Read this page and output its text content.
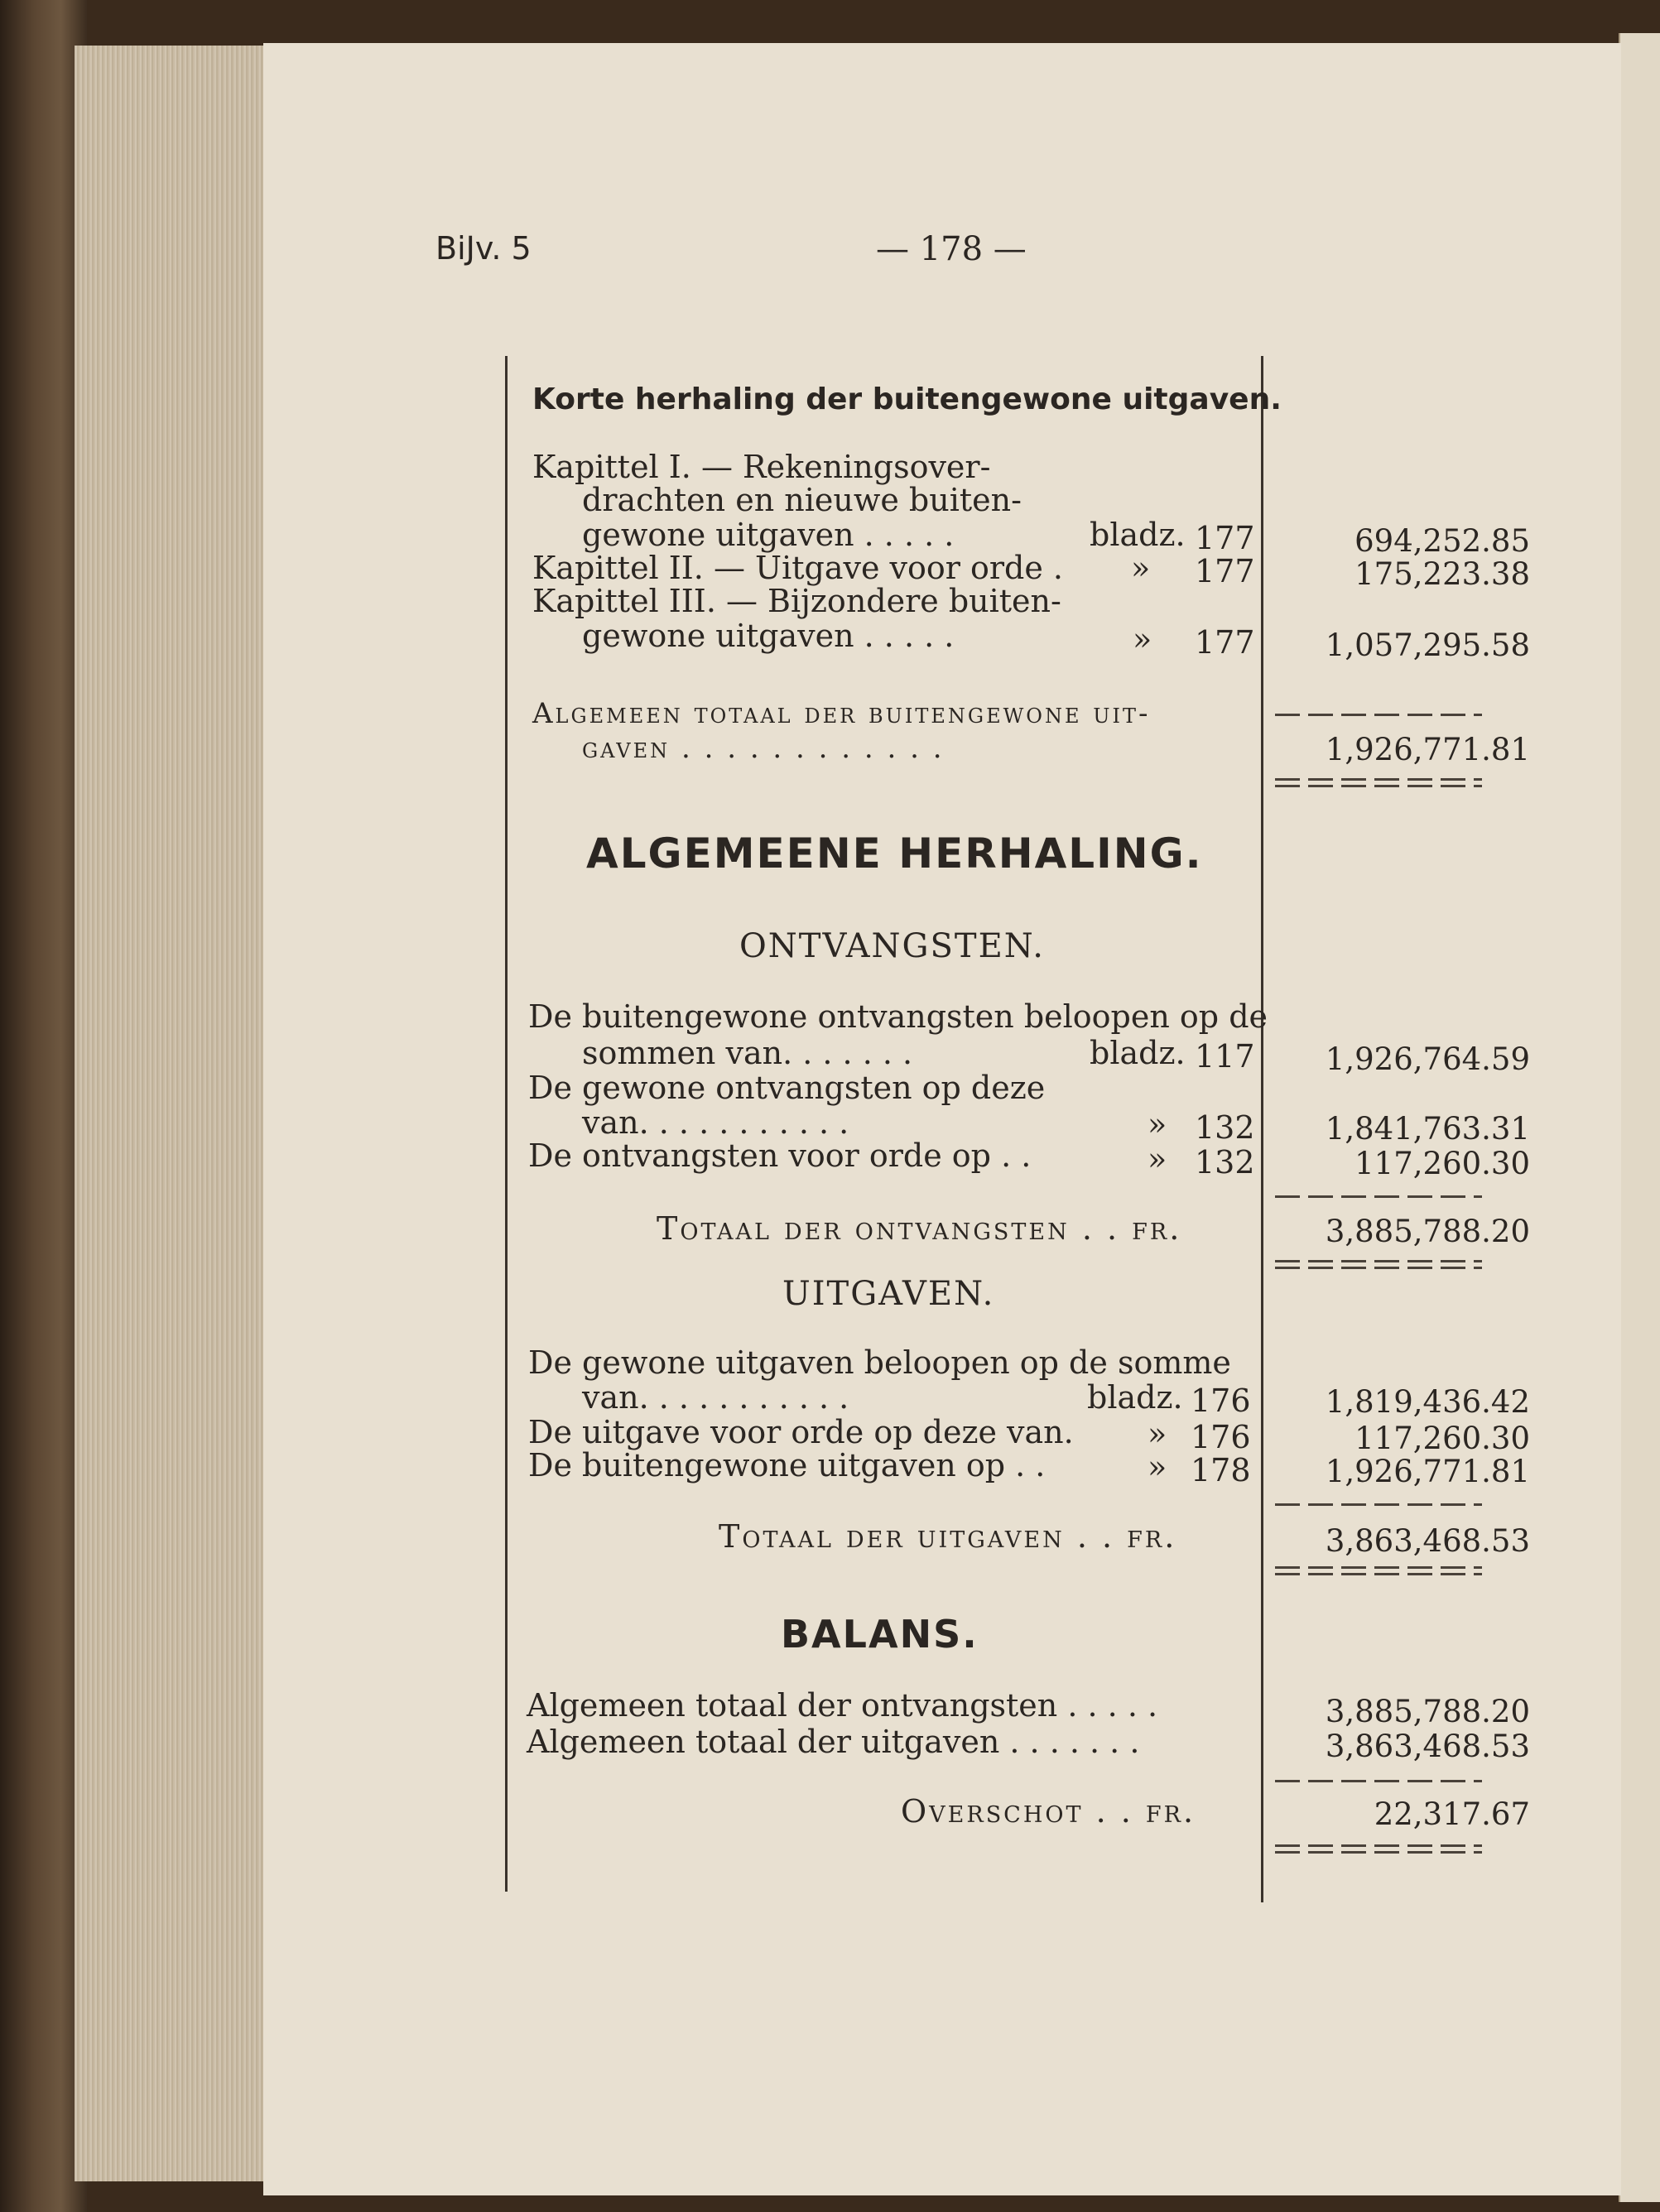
BiJv. 5	— 178 —
Korte herhaling der buitengewone uitgaven.
Kapittel I. — Rekeningsover-
drachten en nieuwe buiten-
gewone uitgaven . . . . .	bladz. 177	694,252.85
Kapittel II. — Uitgave voor orde . » 177	175,223.38
Kapittel III. — Bijzondere buiten-
gewone uitgaven . . . . .	» 177 1,057,295.58
Algemeen totaal der buitengewone uit-
gaven . . . . . . . . . . . .	1,926,771.81
ALGEMEENE HERHALING.
ONTVANGSTEN.
De buitengewone ontvangsten beloopen op de
sommen van. . . . . . .	bladz. 117 1,926,764.59
De gewone ontvangsten op deze
van. . . . . . . . . . .	» 132 1,841,763.31
De ontvangsten voor orde op . .	» 132	117,260.30
Totaal der ontvangsten . . fr.	3,885,788.20
UITGAVEN.
De gewone uitgaven beloopen op de somme
van. . . . . . . . . . .	bladz. 176 1,819,436.42
De uitgave voor orde op deze van. » 176	117,260.30
De buitengewone uitgaven op . .	» 178 1,926,771.81
Totaal der uitgaven . . fr.	3,863,468.53
BALANS.
Algemeen totaal der ontvangsten . . . . .	3,885,788.20
Algemeen totaal der uitgaven . . . . . . .	3,863,468.53
Overschot . . fr.	22,317.67
